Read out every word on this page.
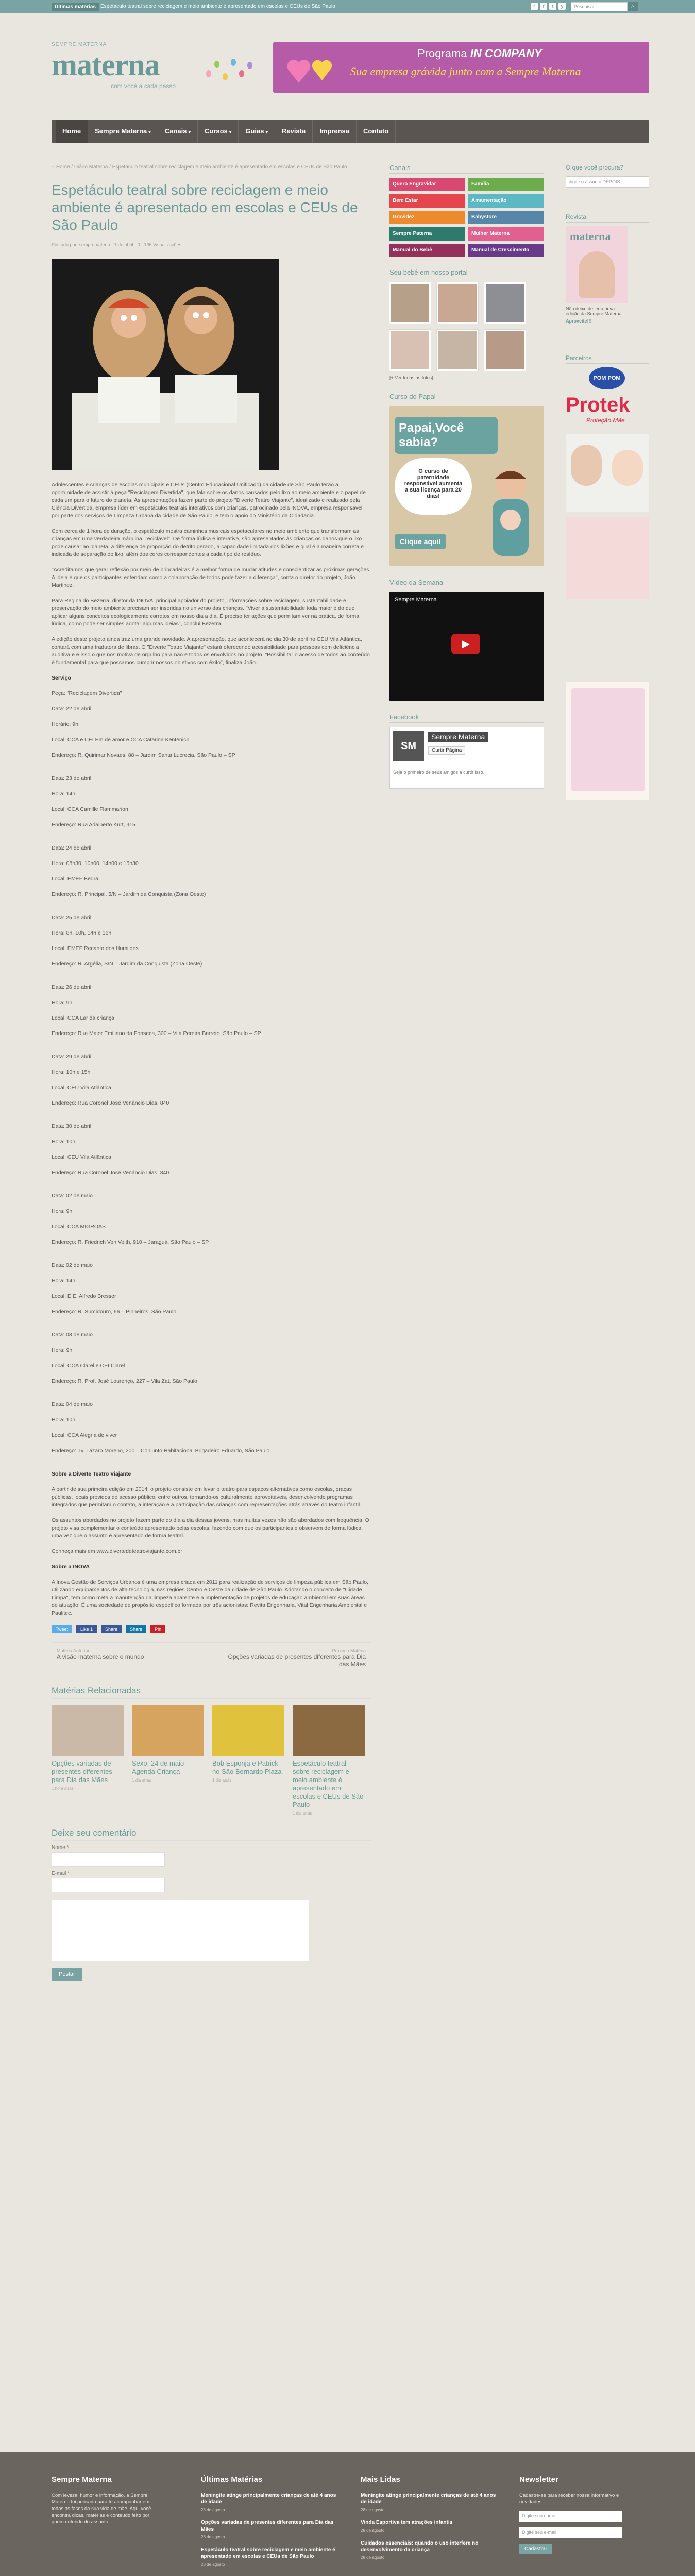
Últimas matérias Espetáculo teatral sobre reciclagem e meio ambiente é apresentado em escolas e CEUs de São Paulo	r	f	t	y	Pesquisar...	⌕
SEMPRE MATERNA
materna
com você a cada passo
Programa IN COMPANY
Sua empresa grávida junto com a Sempre Materna
Home	Sempre Materna ▾	Canais ▾	Cursos ▾	Guias ▾	Revista	Imprensa	Contato
⌂ Home / Diário Materna / Espetáculo teatral sobre reciclagem e meio ambiente é apresentado em escolas e CEUs de São Paulo
Espetáculo teatral sobre reciclagem e meio ambiente é apresentado em escolas e CEUs de São Paulo
Postado por: sempremateria · 1 de abril · 0 · 136 Visualizações

Adolescentes e crianças de escolas municipais e CEUs (Centro Educacional Unificado) da cidade de São Paulo terão a oportunidade de assistir à peça "Reciclagem Divertida", que fala sobre os danos causados pelo lixo ao meio ambiente e o papel de cada um para o futuro do planeta. As apresentações fazem parte do projeto "Diverte Teatro Viajante", idealizado e realizado pela Ciência Divertida, empresa líder em espetáculos teatrais interativos com crianças, patrocinado pela INOVA, empresa responsável por parte dos serviços de Limpeza Urbana da cidade de São Paulo, e tem o apoio do Ministério da Cidadania.

Com cerca de 1 hora de duração, o espetáculo mostra caminhos musicais espetaculares no meio ambiente que transformam as crianças em uma verdadeira máquina "reciclável". De forma lúdica e interativa, são apresentados às crianças os danos que o lixo pode causar ao planeta, a diferença de proporção do detrito gerado, a capacidade limitada dos lixões e qual é a maneira correta e indicada de separação do lixo, além dos cores correspondentes a cada tipo de resíduo.

"Acreditamos que gerar reflexão por meio de brincadeiras é a melhor forma de mudar atitudes e conscientizar as próximas gerações. A ideia é que os participantes entendam como a colaboração de todos pode fazer a diferença", conta o diretor do projeto, João Martinez.

Para Reginaldo Bezerra, diretor da INOVA, principal apoiador do projeto, informações sobre reciclagem, sustentabilidade e preservação do meio ambiente precisam ser inseridas no universo das crianças. "Viver a sustentabilidade toda maior é do que aplicar alguns conceitos ecologicamente corretos em nosso dia a dia. É preciso ter ações que permitam ver na prática, de forma lúdica, como pode ser simples adotar algumas ideias", conclui Bezerra.

A edição deste projeto ainda traz uma grande novidade. A apresentação, que acontecerá no dia 30 de abril no CEU Vila Atlântica, contará com uma tradutora de libras. O "Diverte Teatro Viajante" estará oferecendo acessibilidade para pessoas com deficiência auditiva e é isso o que nos motiva de orgulho para não e todos os envolvidos no projeto. "Possibilitar o acesso de todos ao conteúdo é fundamental para que possamos cumprir nossos objetivos com êxito", finaliza João.

Serviço

Peça: "Reciclagem Divertida"

Data: 22 de abril

Horário: 9h

Local: CCA e CEI Em de amor e CCA Catarina Kentenich

Endereço: R. Quirimar Novaes, 88 – Jardim Santa Lucrecia, São Paulo – SP

Data: 23 de abril

Hora: 14h

Local: CCA Camille Flammarion

Endereço: Rua Adalberto Kurt, 915

Data: 24 de abril

Hora: 08h30, 10h00, 14h00 e 15h30

Local: EMEF Bedra

Endereço: R. Principal, 5/N – Jardim da Conquista (Zona Oeste)

Data: 25 de abril

Hora: 8h, 10h, 14h e 16h

Local: EMEF Recanto dos Humildes

Endereço: R. Argélia, S/N – Jardim da Conquista (Zona Oeste)

Data: 26 de abril

Hora: 9h

Local: CCA Lar da criança

Endereço: Rua Major Emiliano da Fonseca, 300 – Vila Pereira Barreto, São Paulo – SP

Data: 29 de abril

Hora: 10h e 15h

Local: CEU Vila Atlântica

Endereço: Rua Coronel José Venâncio Dias, 840

Data: 30 de abril

Hora: 10h

Local: CEU Vila Atlântica

Endereço: Rua Coronel José Venâncio Dias, 840

Data: 02 de maio

Hora: 9h

Local: CCA MIGROAS

Endereço: R. Friedrich Von Voith, 910 – Jaraguá, São Paulo – SP

Data: 02 de maio

Hora: 14h

Local: E.E. Alfredo Bresser

Endereço: R. Sumidouro, 66 – Pinheiros, São Paulo

Data: 03 de maio

Hora: 9h

Local: CCA Clarel e CEI Clarel

Endereço: R. Prof. José Lourenço, 227 – Vila Zat, São Paulo

Data: 04 de maio

Hora: 10h

Local: CCA Alegria de viver

Endereço: Tv. Lázaro Moreno, 200 – Conjunto Habitacional Brigadeiro Eduardo, São Paulo

Sobre a Diverte Teatro Viajante

A partir de sua primeira edição em 2014, o projeto consiste em levar o teatro para espaços alternativos como escolas, praças públicas, locais providos de acesso público, entre outros, tornando-os culturalmente aproveitáveis, desenvolvendo programas integrados que permitam o contato, a interação e a participação das crianças com representações atrás através do teatro infantil.

Os assuntos abordados no projeto fazem parte do dia a dia dessas jovens, mas muitas vezes não são abordados com frequência. O projeto visa complementar o conteúdo apresentado pelas escolas, fazendo com que os participantes e observem de forma lúdica, uma vez que o assunto é apresentado de forma teatral.

Conheça mais em www.divertedeteatroviajante.com.br

Sobre a INOVA

A Inova Gestão de Serviços Urbanos é uma empresa criada em 2011 para realização de serviços de limpeza pública em São Paulo, utilizando equipamentos de alta tecnologia, nas regiões Centro e Oeste da cidade de São Paulo. Adotando o conceito de "Cidade Limpa", tem como meta a manutenção da limpeza aparente e a implementação de projetos de educação ambiental em suas áreas de atuação. É uma sociedade de propósito específico formada por três acionistas: Revita Engenharia, Vital Engenharia Ambiental e Paulitec.

Tweet	Like 1	Share	Share	Pin
Matéria Anterior
A visão materna sobre o mundo
Próxima Matéria
Opções variadas de presentes diferentes para Dia das Mães
Matérias Relacionadas
Opções variadas de presentes diferentes para Dia das Mães
1 hora atrás
Sexo: 24 de maio – Agenda Criança
1 dia atrás
Bob Esponja e Patrick no São Bernardo Plaza
1 dia atrás
Espetáculo teatral sobre reciclagem e meio ambiente é apresentado em escolas e CEUs de São Paulo
1 dia atrás
Deixe seu comentário
Nome *
E-mail *
Postar
Canais
Quero Engravidar	Família
Bem Estar	Amamentação
Gravidez	Babystore
Sempre Paterna	Mulher Materna
Manual do Bebê	Manual de Crescimento
Seu bebê em nosso portal
[+ Ver todas as fotos]
Curso do Papai
Papai,Você sabia?
O curso de paternidade responsável aumenta a sua licença para 20 dias!
Clique aqui!
Vídeo da Semana
Sempre Materna
▶
Facebook
SM
Sempre Materna
Curtir Página
Seja o primeiro de seus amigos a curtir isso.
O que você procura?
digite o assunto DEPOIS
Revista
materna
Não deixe de ler a nova edição da Sempre Materna.
Aproveite!!!
Parceiros
POM POM
Protek
Proteção Mãe
Sempre Materna

Com leveza, humor e informação, a Sempre Materna foi pensada para te acompanhar em todas as fases da sua vida de mãe. Aqui você encontra dicas, matérias e conteúdo feito por quem entende do assunto.

Últimas Matérias
Meningite atinge principalmente crianças de até 4 anos de idade
28 de agosto
Opções variadas de presentes diferentes para Dia das Mães
28 de agosto
Espetáculo teatral sobre reciclagem e meio ambiente é apresentado em escolas e CEUs de São Paulo
28 de agosto
Mais Lidas
Meningite atinge principalmente crianças de até 4 anos de idade
28 de agosto
Vinda Esportiva tem atrações infantis
28 de agosto
Cuidados essenciais: quando o uso interfere no desenvolvimento da criança
28 de agosto
Newsletter

Cadastre-se para receber nossa informativo e novidades

Digite seu nome
Digite seu e-mail
Cadastrar
